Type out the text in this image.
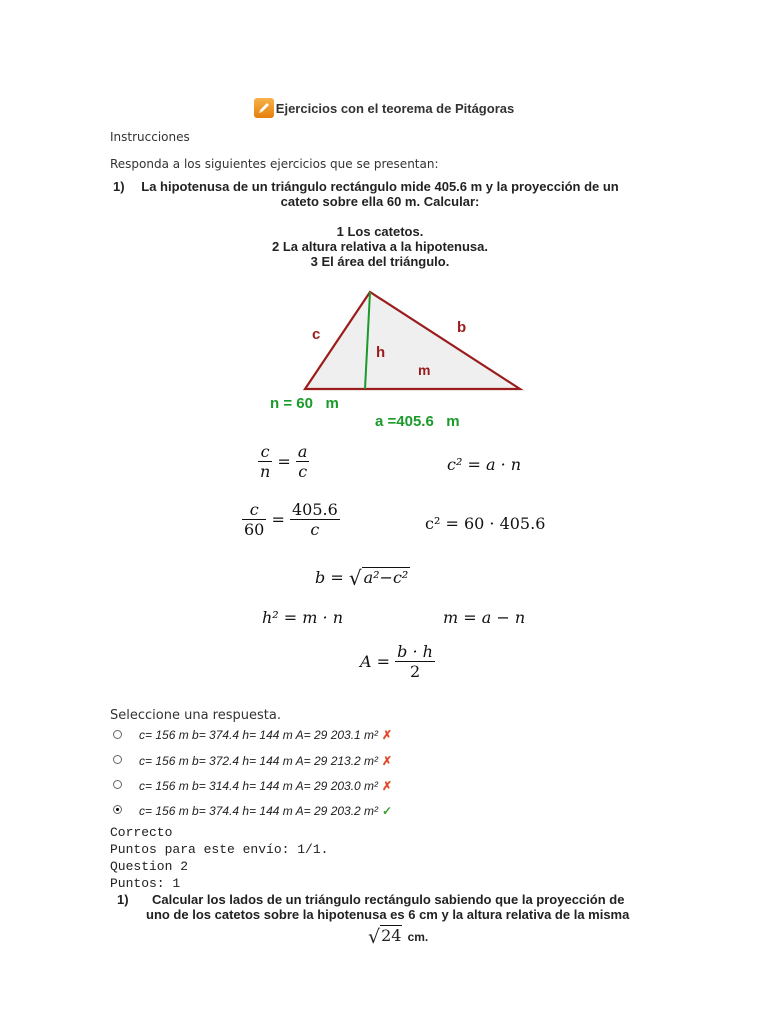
Ejercicios con el teorema de Pitágoras
Instrucciones
Responda a los siguientes ejercicios que se presentan:
1)	La hipotenusa de un triángulo rectángulo mide 405.6 m y la proyección de un
cateto sobre ella 60 m. Calcular:
1 Los catetos.
2 La altura relativa a la hipotenusa.
3 El área del triángulo.
c	b
h
m
n = 60   m
a =405.6   m
$\frac{c}{n} = \frac{a}{c}$	c² = a · n
$\frac{c}{60} = \frac{405.6}{c}$	c² = 60 · 405.6
b = √ a²−c²
h² = m · n	m = a − n
$A = \frac{b \cdot h}{2}$
Seleccione una respuesta.
c= 156 m b= 374.4 h= 144 m A= 29 203.1 m² ✗
c= 156 m b= 372.4 h= 144 m A= 29 213.2 m² ✗
c= 156 m b= 314.4 h= 144 m A= 29 203.0 m² ✗
c= 156 m b= 374.4 h= 144 m A= 29 203.2 m² ✓
Correcto
Puntos para este envío: 1/1.
Question 2
Puntos: 1
1) Calcular los lados de un triángulo rectángulo sabiendo que la proyección de
uno de los catetos sobre la hipotenusa es 6 cm y la altura relativa de la misma
√24 cm.
